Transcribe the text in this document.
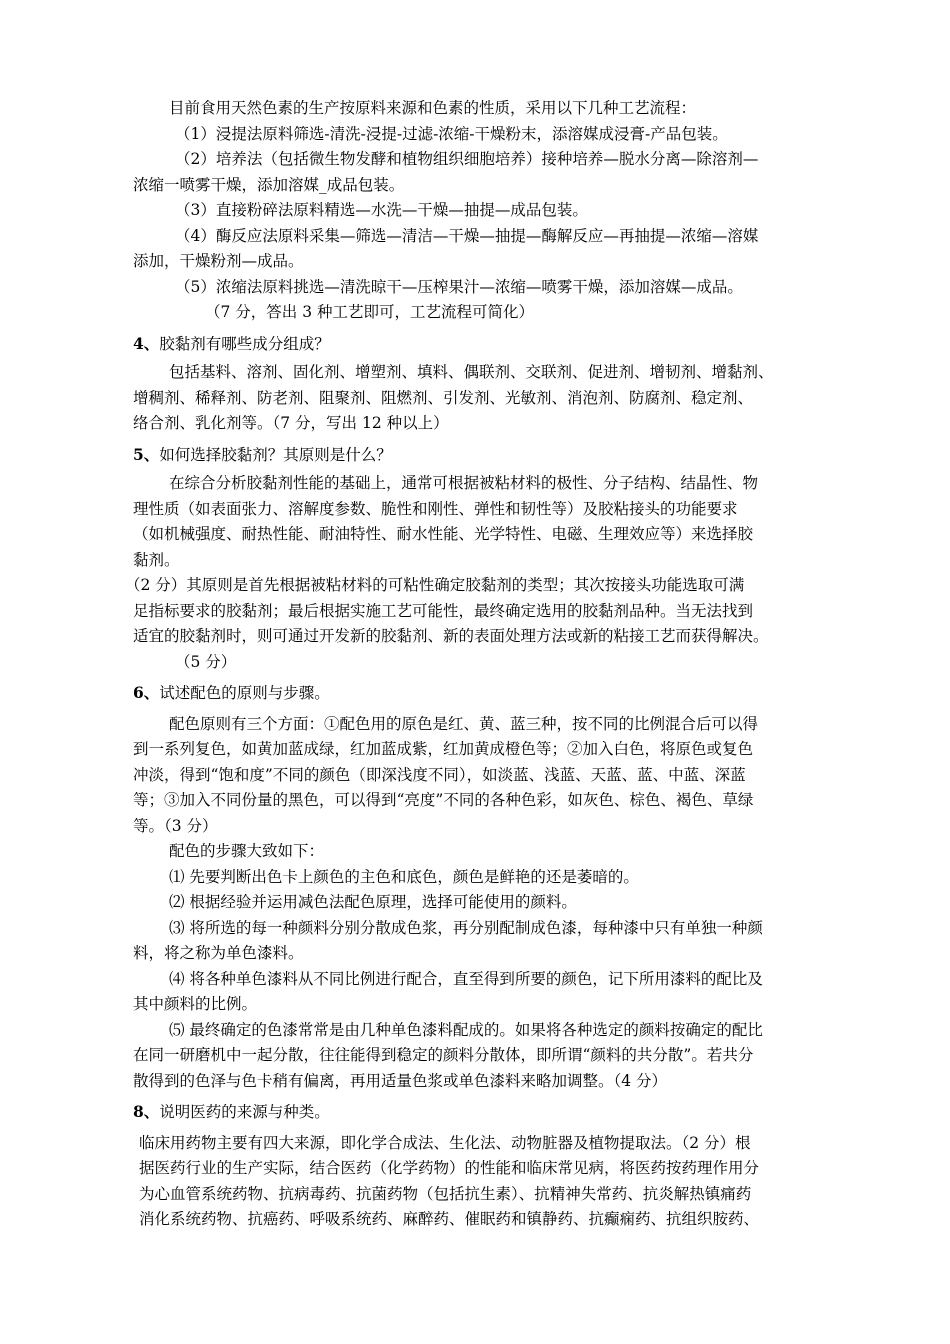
目前食用天然色素的生产按原料来源和色素的性质，采用以下几种工艺流程：
（1）浸提法原料筛选-清洗-浸提-过滤-浓缩-干燥粉末，添溶媒成浸膏-产品包装。
（2）培养法（包括微生物发酵和植物组织细胞培养）接种培养—脱水分离—除溶剂—
浓缩一喷雾干燥，添加溶媒_成品包装。
（3）直接粉碎法原料精选—水洗—干燥—抽提—成品包装。
（4）酶反应法原料采集—筛选—清洁—干燥—抽提—酶解反应—再抽提—浓缩—溶媒
添加，干燥粉剂—成品。
（5）浓缩法原料挑选—清洗晾干—压榨果汁—浓缩—喷雾干燥，添加溶媒—成品。
（7 分，答出 3 种工艺即可，工艺流程可简化）
4、胶黏剂有哪些成分组成？
包括基料、溶剂、固化剂、增塑剂、填料、偶联剂、交联剂、促进剂、增韧剂、增黏剂、
增稠剂、稀释剂、防老剂、阻聚剂、阻燃剂、引发剂、光敏剂、消泡剂、防腐剂、稳定剂、
络合剂、乳化剂等。（7 分，写出 12 种以上）
5、如何选择胶黏剂？其原则是什么？
在综合分析胶黏剂性能的基础上，通常可根据被粘材料的极性、分子结构、结晶性、物
理性质（如表面张力、溶解度参数、脆性和刚性、弹性和韧性等）及胶粘接头的功能要求
（如机械强度、耐热性能、耐油特性、耐水性能、光学特性、电磁、生理效应等）来选择胶
黏剂。
（2 分）其原则是首先根据被粘材料的可粘性确定胶黏剂的类型；其次按接头功能选取可满
足指标要求的胶黏剂；最后根据实施工艺可能性，最终确定选用的胶黏剂品种。当无法找到
适宜的胶黏剂时，则可通过开发新的胶黏剂、新的表面处理方法或新的粘接工艺而获得解决。
（5 分）
6、试述配色的原则与步骤。
配色原则有三个方面：①配色用的原色是红、黄、蓝三种，按不同的比例混合后可以得
到一系列复色，如黄加蓝成绿，红加蓝成紫，红加黄成橙色等；②加入白色，将原色或复色
冲淡，得到“饱和度”不同的颜色（即深浅度不同），如淡蓝、浅蓝、天蓝、蓝、中蓝、深蓝
等；③加入不同份量的黑色，可以得到“亮度”不同的各种色彩，如灰色、棕色、褐色、草绿
等。（3 分）
配色的步骤大致如下：
⑴ 先要判断出色卡上颜色的主色和底色，颜色是鲜艳的还是萎暗的。
⑵ 根据经验并运用减色法配色原理，选择可能使用的颜料。
⑶ 将所选的每一种颜料分别分散成色浆，再分别配制成色漆，每种漆中只有单独一种颜
料，将之称为单色漆料。
⑷ 将各种单色漆料从不同比例进行配合，直至得到所要的颜色，记下所用漆料的配比及
其中颜料的比例。
⑸ 最终确定的色漆常常是由几种单色漆料配成的。如果将各种选定的颜料按确定的配比
在同一研磨机中一起分散，往往能得到稳定的颜料分散体，即所谓“颜料的共分散”。若共分
散得到的色泽与色卡稍有偏离，再用适量色浆或单色漆料来略加调整。（4 分）
8、说明医药的来源与种类。
临床用药物主要有四大来源，即化学合成法、生化法、动物脏器及植物提取法。（2 分）根
据医药行业的生产实际，结合医药（化学药物）的性能和临床常见病，将医药按药理作用分
为心血管系统药物、抗病毒药、抗菌药物（包括抗生素）、抗精神失常药、抗炎解热镇痛药
消化系统药物、抗癌药、呼吸系统药、麻醉药、催眠药和镇静药、抗癫痫药、抗组织胺药、
